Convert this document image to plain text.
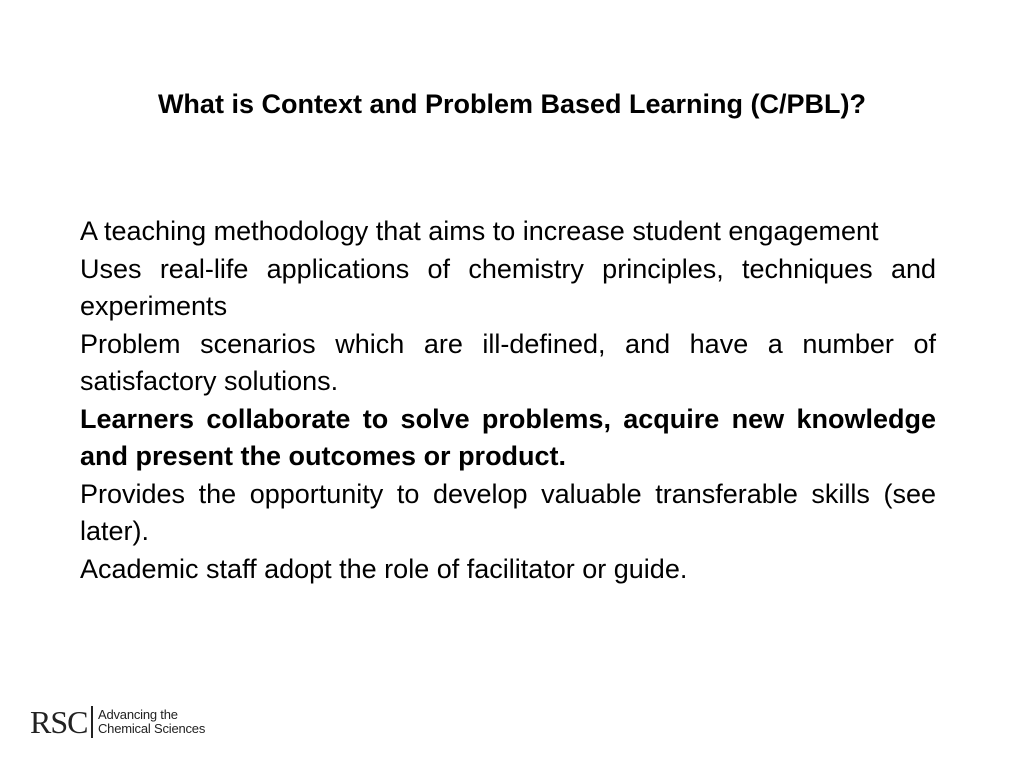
What is Context and Problem Based Learning (C/PBL)?

A teaching methodology that aims to increase student engagement

Uses real-life applications of chemistry principles, techniques and experiments

Problem scenarios which are ill-defined, and have a number of satisfactory solutions.

Learners collaborate to solve problems, acquire new knowledge and present the outcomes or product.

Provides the opportunity to develop valuable transferable skills (see later).

Academic staff adopt the role of facilitator or guide.

RSC Advancing the
Chemical Sciences
